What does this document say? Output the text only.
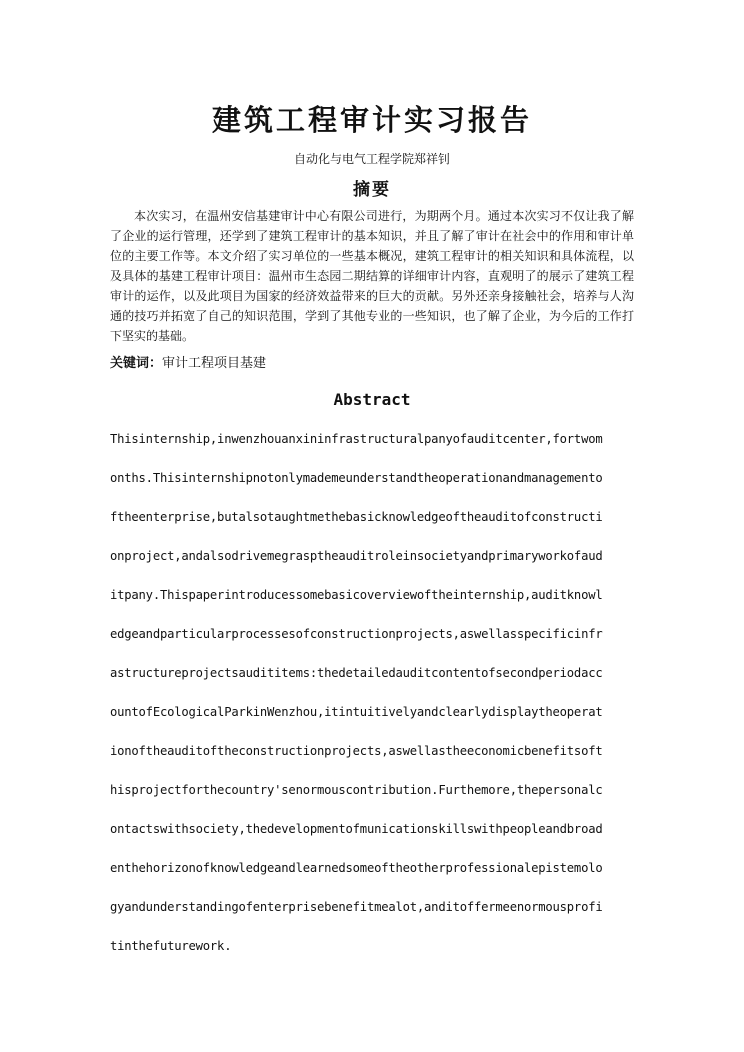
建筑工程审计实习报告
自动化与电气工程学院郑祥钊
摘要

本次实习，在温州安信基建审计中心有限公司进行，为期两个月。通过本次实习不仅让我了解了企业的运行管理，还学到了建筑工程审计的基本知识，并且了解了审计在社会中的作用和审计单位的主要工作等。本文介绍了实习单位的一些基本概况，建筑工程审计的相关知识和具体流程，以及具体的基建工程审计项目：温州市生态园二期结算的详细审计内容，直观明了的展示了建筑工程审计的运作，以及此项目为国家的经济效益带来的巨大的贡献。另外还亲身接触社会，培养与人沟通的技巧并拓宽了自己的知识范围，学到了其他专业的一些知识，也了解了企业，为今后的工作打下坚实的基础。

关键词：审计工程项目基建
Abstract
Thisinternship,inwenzhouanxininfrastructuralpanyofauditcenter,fortwom
onths.Thisinternshipnotonlymademeunderstandtheoperationandmanagemento
ftheenterprise,butalsotaughtmethebasicknowledgeoftheauditofconstructi
onproject,andalsodrivemegrasptheauditroleinsocietyandprimaryworkofaud
itpany.Thispaperintroducessomebasicoverviewoftheinternship,auditknowl
edgeandparticularprocessesofconstructionprojects,aswellasspecificinfr
astructureprojectsaudititems:thedetailedauditcontentofsecondperiodacc
ountofEcologicalParkinWenzhou,itintuitivelyandclearlydisplaytheoperat
ionoftheauditoftheconstructionprojects,aswellastheeconomicbenefitsoft
hisprojectforthecountry'senormouscontribution.Furthemore,thepersonalc
ontactswithsociety,thedevelopmentofmunicationskillswithpeopleandbroad
enthehorizonofknowledgeandlearnedsomeoftheotherprofessionalepistemolo
gyandunderstandingofenterprisebenefitmealot,anditoffermeenormousprofi
tinthefuturework.
